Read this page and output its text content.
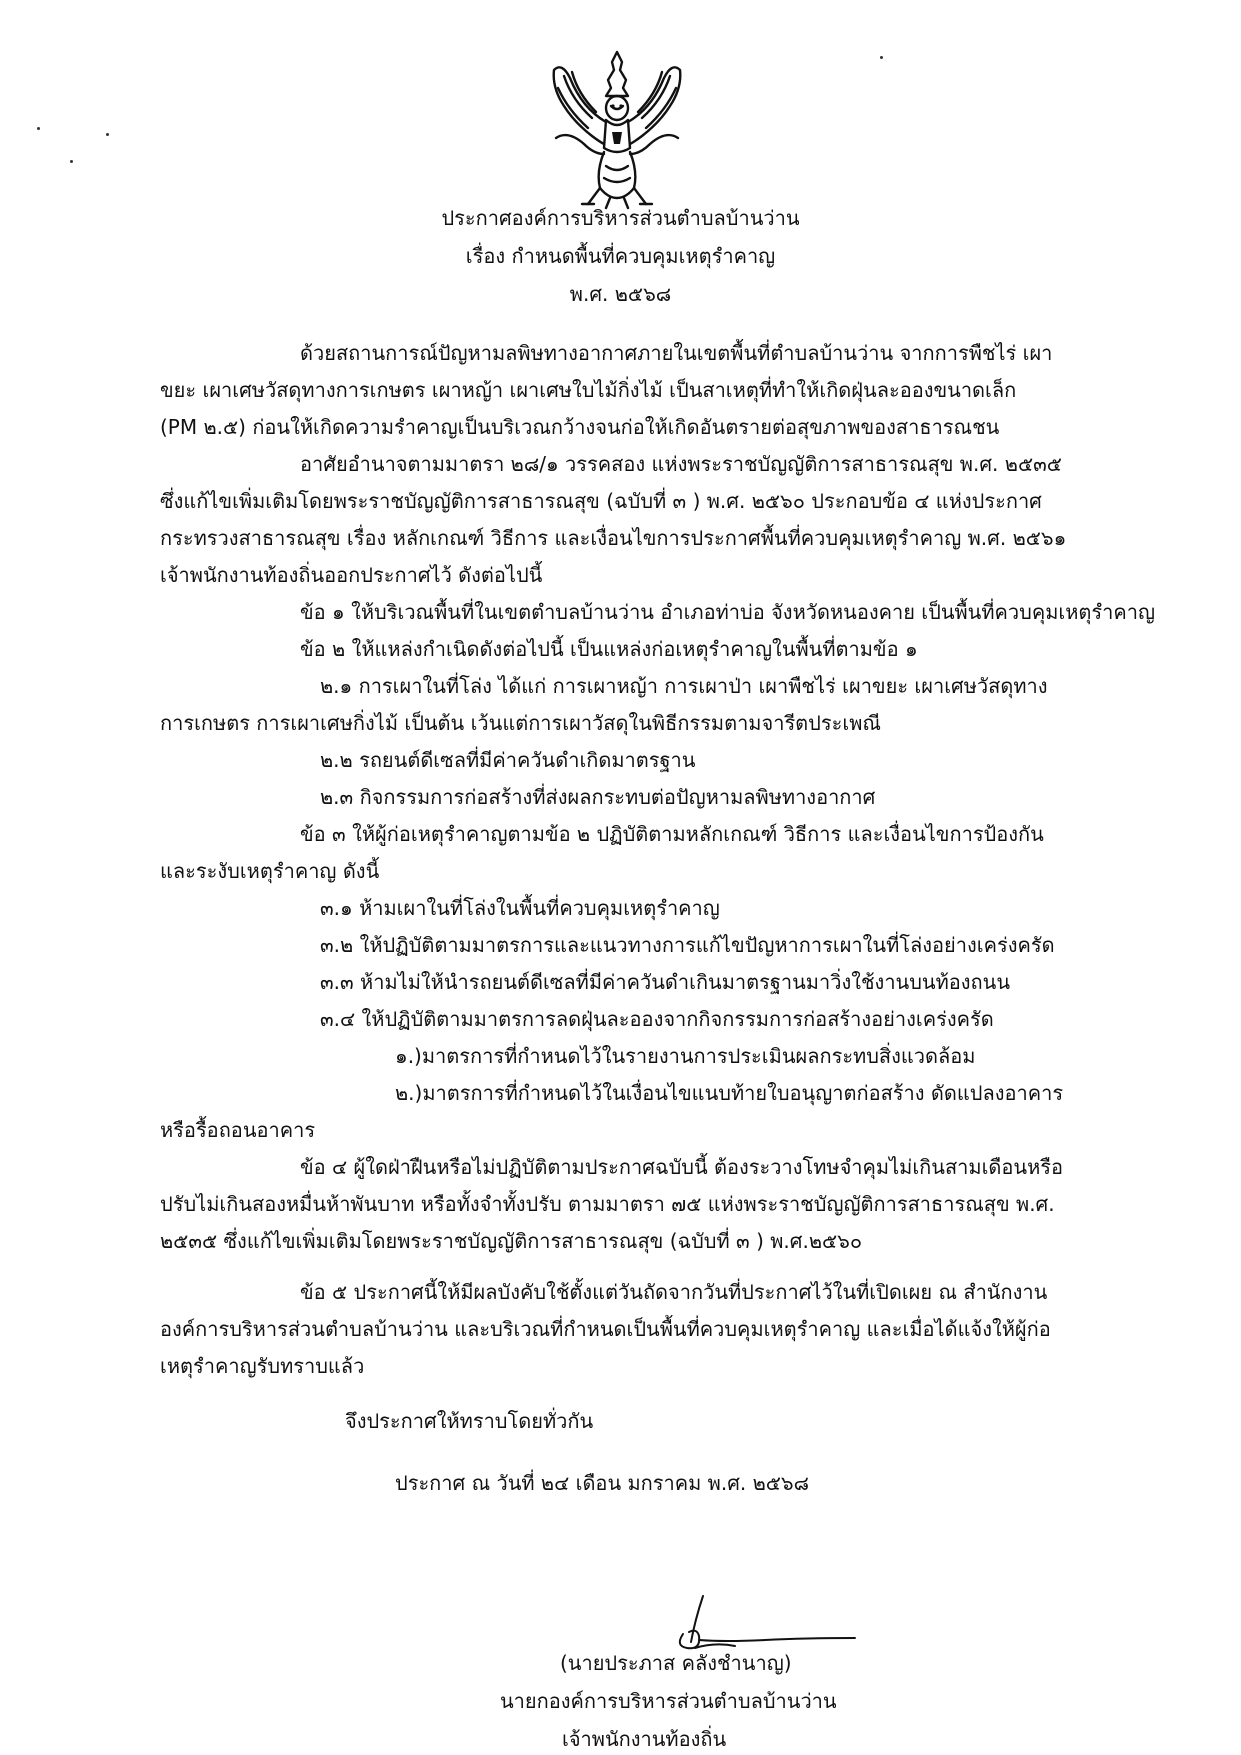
ประกาศองค์การบริหารส่วนตำบลบ้านว่าน
เรื่อง กำหนดพื้นที่ควบคุมเหตุรำคาญ
พ.ศ. ๒๕๖๘
ด้วยสถานการณ์ปัญหามลพิษทางอากาศภายในเขตพื้นที่ตำบลบ้านว่าน จากการพืชไร่ เผา
ขยะ เผาเศษวัสดุทางการเกษตร เผาหญ้า เผาเศษใบไม้กิ่งไม้ เป็นสาเหตุที่ทำให้เกิดฝุ่นละอองขนาดเล็ก
(PM ๒.๕) ก่อนให้เกิดความรำคาญเป็นบริเวณกว้างจนก่อให้เกิดอันตรายต่อสุขภาพของสาธารณชน
อาศัยอำนาจตามมาตรา ๒๘/๑ วรรคสอง แห่งพระราชบัญญัติการสาธารณสุข พ.ศ. ๒๕๓๕
ซึ่งแก้ไขเพิ่มเติมโดยพระราชบัญญัติการสาธารณสุข (ฉบับที่ ๓ ) พ.ศ. ๒๕๖๐ ประกอบข้อ ๔ แห่งประกาศ
กระทรวงสาธารณสุข เรื่อง หลักเกณฑ์ วิธีการ และเงื่อนไขการประกาศพื้นที่ควบคุมเหตุรำคาญ พ.ศ. ๒๕๖๑
เจ้าพนักงานท้องถิ่นออกประกาศไว้ ดังต่อไปนี้
ข้อ ๑ ให้บริเวณพื้นที่ในเขตตำบลบ้านว่าน อำเภอท่าบ่อ จังหวัดหนองคาย เป็นพื้นที่ควบคุมเหตุรำคาญ
ข้อ ๒ ให้แหล่งกำเนิดดังต่อไปนี้ เป็นแหล่งก่อเหตุรำคาญในพื้นที่ตามข้อ ๑
๒.๑ การเผาในที่โล่ง ได้แก่ การเผาหญ้า การเผาป่า เผาพืชไร่ เผาขยะ เผาเศษวัสดุทาง
การเกษตร การเผาเศษกิ่งไม้ เป็นต้น เว้นแต่การเผาวัสดุในพิธีกรรมตามจารีตประเพณี
๒.๒ รถยนต์ดีเซลที่มีค่าควันดำเกิดมาตรฐาน
๒.๓ กิจกรรมการก่อสร้างที่ส่งผลกระทบต่อปัญหามลพิษทางอากาศ
ข้อ ๓ ให้ผู้ก่อเหตุรำคาญตามข้อ ๒ ปฏิบัติตามหลักเกณฑ์ วิธีการ และเงื่อนไขการป้องกัน
และระงับเหตุรำคาญ ดังนี้
๓.๑ ห้ามเผาในที่โล่งในพื้นที่ควบคุมเหตุรำคาญ
๓.๒ ให้ปฏิบัติตามมาตรการและแนวทางการแก้ไขปัญหาการเผาในที่โล่งอย่างเคร่งครัด
๓.๓ ห้ามไม่ให้นำรถยนต์ดีเซลที่มีค่าควันดำเกินมาตรฐานมาวิ่งใช้งานบนท้องถนน
๓.๔ ให้ปฏิบัติตามมาตรการลดฝุ่นละอองจากกิจกรรมการก่อสร้างอย่างเคร่งครัด
๑.)มาตรการที่กำหนดไว้ในรายงานการประเมินผลกระทบสิ่งแวดล้อม
๒.)มาตรการที่กำหนดไว้ในเงื่อนไขแนบท้ายใบอนุญาตก่อสร้าง ดัดแปลงอาคาร
หรือรื้อถอนอาคาร
ข้อ ๔ ผู้ใดฝ่าฝืนหรือไม่ปฏิบัติตามประกาศฉบับนี้ ต้องระวางโทษจำคุมไม่เกินสามเดือนหรือ
ปรับไม่เกินสองหมื่นห้าพันบาท หรือทั้งจำทั้งปรับ ตามมาตรา ๗๕ แห่งพระราชบัญญัติการสาธารณสุข พ.ศ.
๒๕๓๕ ซึ่งแก้ไขเพิ่มเติมโดยพระราชบัญญัติการสาธารณสุข (ฉบับที่ ๓ ) พ.ศ.๒๕๖๐
ข้อ ๕ ประกาศนี้ให้มีผลบังคับใช้ตั้งแต่วันถัดจากวันที่ประกาศไว้ในที่เปิดเผย ณ สำนักงาน
องค์การบริหารส่วนตำบลบ้านว่าน และบริเวณที่กำหนดเป็นพื้นที่ควบคุมเหตุรำคาญ และเมื่อได้แจ้งให้ผู้ก่อ
เหตุรำคาญรับทราบแล้ว
จึงประกาศให้ทราบโดยทั่วกัน
ประกาศ ณ วันที่ ๒๔ เดือน มกราคม พ.ศ. ๒๕๖๘
(นายประภาส คลังชำนาญ)
นายกองค์การบริหารส่วนตำบลบ้านว่าน
เจ้าพนักงานท้องถิ่น
